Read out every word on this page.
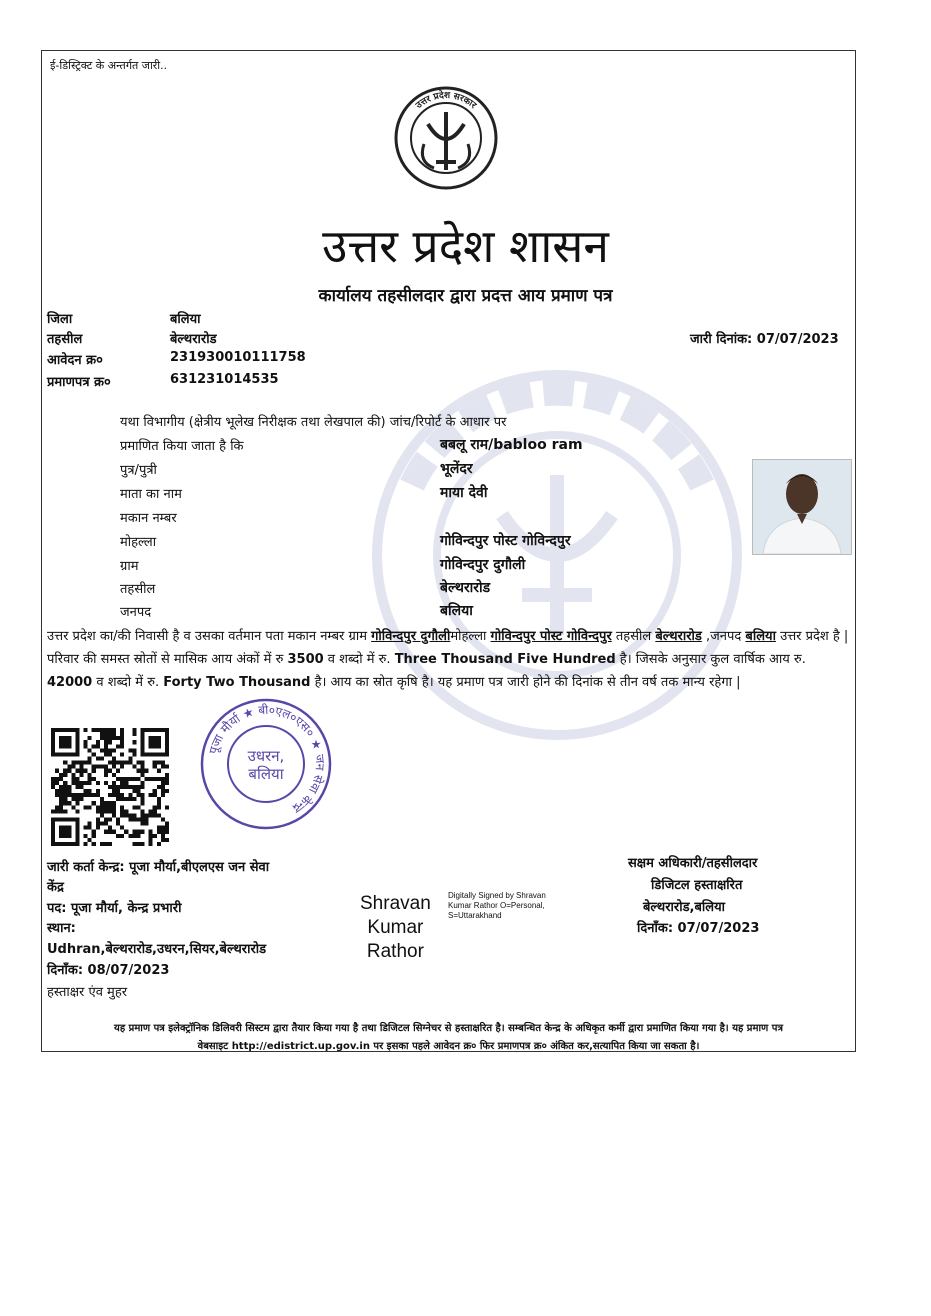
ई-डिस्ट्रिक्ट के अन्तर्गत जारी..
उत्तर प्रदेश सरकार
उत्तर प्रदेश शासन
कार्यालय तहसीलदार द्वारा प्रदत्त आय प्रमाण पत्र
जिला	बलिया
तहसील	बेल्थरारोड
आवेदन क्र०	231930010111758
प्रमाणपत्र क्र०	631231014535
जारी दिनांक: 07/07/2023
यथा विभागीय (क्षेत्रीय भूलेख निरीक्षक तथा लेखपाल की) जांच/रिपोर्ट के आधार पर
प्रमाणित किया जाता है कि	बबलू राम/babloo ram
पुत्र/पुत्री	भूलेंदर
माता का नाम	माया देवी
मकान नम्बर
मोहल्ला	गोविन्दपुर पोस्ट गोविन्दपुर
ग्राम	गोविन्दपुर दुगौली
तहसील	बेल्थरारोड
जनपद	बलिया
उत्तर प्रदेश का/की निवासी है व उसका वर्तमान पता मकान नम्बर ग्राम गोविन्दपुर दुगौलीमोहल्ला गोविन्दपुर पोस्ट गोविन्दपुर तहसील बेल्थरारोड ,जनपद बलिया उत्तर प्रदेश है | परिवार की समस्त स्रोतों से मासिक आय अंकों में रु 3500 व शब्दो में रु. Three Thousand Five Hundred है। जिसके अनुसार कुल वार्षिक आय रु. 42000 व शब्दो में रु. Forty Two Thousand है। आय का स्रोत कृषि है। यह प्रमाण पत्र जारी होने की दिनांक से तीन वर्ष तक मान्य रहेगा |
पूजा मौर्या ★ बी०एल०एस० ★ जन सेवा केन्द्र
उधरन,
बलिया
जारी कर्ता केन्द्र: पूजा मौर्या,बीएलएस जन सेवा
केंद्र
पद: पूजा मौर्या, केन्द्र प्रभारी
स्थान:
Udhran,बेल्थरारोड,उधरन,सियर,बेल्थरारोड
दिनाँक: 08/07/2023
हस्ताक्षर एंव मुहर
Shravan
Kumar
Rathor
Digitally Signed by Shravan
Kumar Rathor O=Personal,
S=Uttarakhand
सक्षम अधिकारी/तहसीलदार
डिजिटल हस्ताक्षरित
बेल्थरारोड,बलिया
दिनाँक: 07/07/2023
यह प्रमाण पत्र इलेक्ट्रॉनिक डिलिवरी सिस्टम द्वारा तैयार किया गया है तथा डिजिटल सिग्नेचर से हस्ताक्षरित है। सम्बन्धित केन्द्र के अधिकृत कर्मी द्वारा प्रमाणित किया गया है। यह प्रमाण पत्र
वेबसाइट http://edistrict.up.gov.in पर इसका पहले आवेदन क्र० फिर प्रमाणपत्र क्र० अंकित कर,सत्यापित किया जा सकता है।
